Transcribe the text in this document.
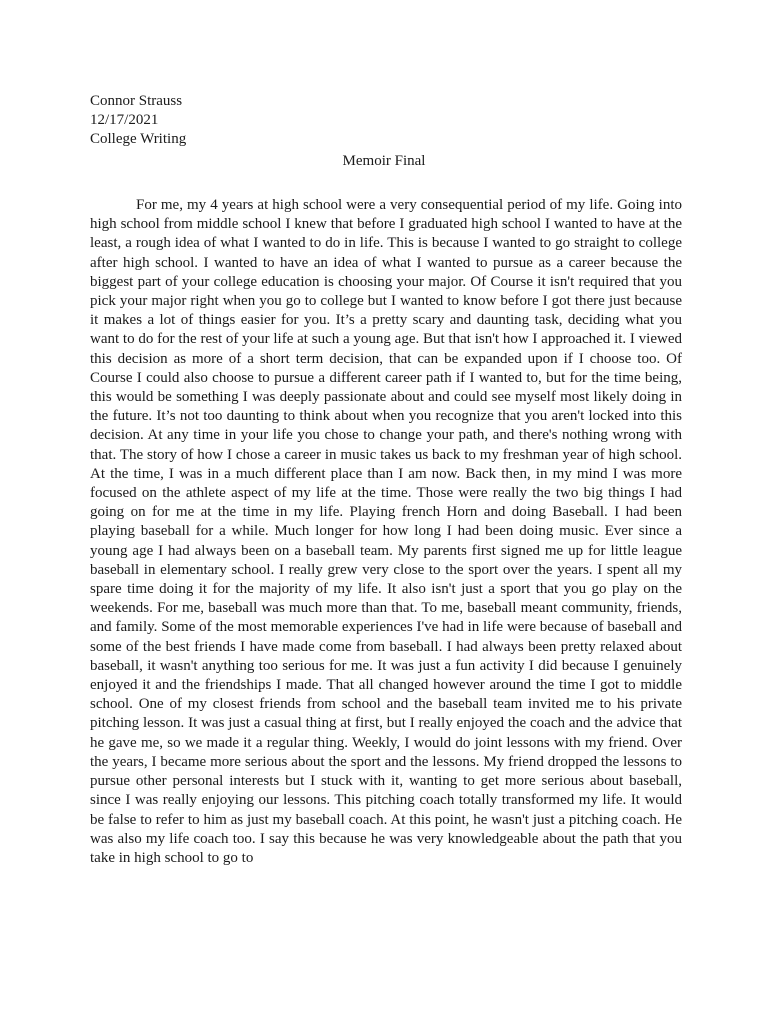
Connor Strauss
12/17/2021
College Writing
Memoir Final

For me, my 4 years at high school were a very consequential period of my life. Going into high school from middle school I knew that before I graduated high school I wanted to have at the least, a rough idea of what I wanted to do in life. This is because I wanted to go straight to college after high school. I wanted to have an idea of what I wanted to pursue as a career because the biggest part of your college education is choosing your major. Of Course it isn't required that you pick your major right when you go to college but I wanted to know before I got there just because it makes a lot of things easier for you. It’s a pretty scary and daunting task, deciding what you want to do for the rest of your life at such a young age. But that isn't how I approached it. I viewed this decision as more of a short term decision, that can be expanded upon if I choose too. Of Course I could also choose to pursue a different career path if I wanted to, but for the time being, this would be something I was deeply passionate about and could see myself most likely doing in the future. It’s not too daunting to think about when you recognize that you aren't locked into this decision. At any time in your life you chose to change your path, and there's nothing wrong with that. The story of how I chose a career in music takes us back to my freshman year of high school. At the time, I was in a much different place than I am now. Back then, in my mind I was more focused on the athlete aspect of my life at the time. Those were really the two big things I had going on for me at the time in my life. Playing french Horn and doing Baseball. I had been playing baseball for a while. Much longer for how long I had been doing music. Ever since a young age I had always been on a baseball team. My parents first signed me up for little league baseball in elementary school. I really grew very close to the sport over the years. I spent all my spare time doing it for the majority of my life. It also isn't just a sport that you go play on the weekends. For me, baseball was much more than that. To me, baseball meant community, friends, and family. Some of the most memorable experiences I've had in life were because of baseball and some of the best friends I have made come from baseball. I had always been pretty relaxed about baseball, it wasn't anything too serious for me. It was just a fun activity I did because I genuinely enjoyed it and the friendships I made. That all changed however around the time I got to middle school. One of my closest friends from school and the baseball team invited me to his private pitching lesson. It was just a casual thing at first, but I really enjoyed the coach and the advice that he gave me, so we made it a regular thing. Weekly, I would do joint lessons with my friend. Over the years, I became more serious about the sport and the lessons. My friend dropped the lessons to pursue other personal interests but I stuck with it, wanting to get more serious about baseball, since I was really enjoying our lessons. This pitching coach totally transformed my life. It would be false to refer to him as just my baseball coach. At this point, he wasn't just a pitching coach. He was also my life coach too. I say this because he was very knowledgeable about the path that you take in high school to go to
